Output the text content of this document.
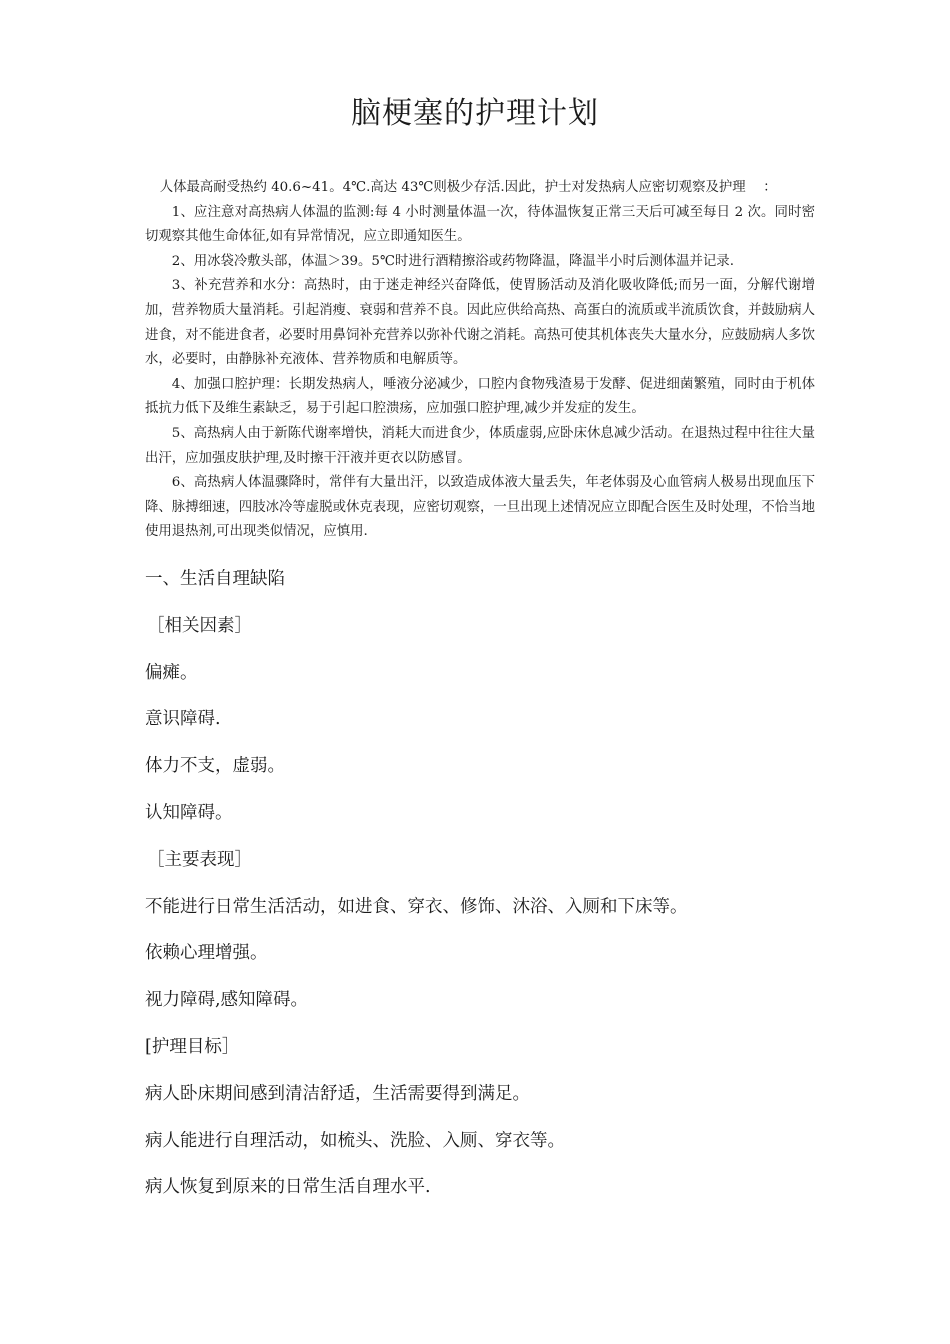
脑梗塞的护理计划

人体最高耐受热约 40.6~41。4℃.高达 43℃则极少存活.因此，护士对发热病人应密切观察及护理　 ：

1、应注意对高热病人体温的监测:每 4 小时测量体温一次，待体温恢复正常三天后可减至每日 2 次。同时密切观察其他生命体征,如有异常情况，应立即通知医生。

2、用冰袋冷敷头部，体温＞39。5℃时进行酒精擦浴或药物降温，降温半小时后测体温并记录.

3、补充营养和水分：高热时，由于迷走神经兴奋降低，使胃肠活动及消化吸收降低;而另一面，分解代谢增加，营养物质大量消耗。引起消瘦、衰弱和营养不良。因此应供给高热、高蛋白的流质或半流质饮食，并鼓励病人进食，对不能进食者，必要时用鼻饲补充营养以弥补代谢之消耗。高热可使其机体丧失大量水分，应鼓励病人多饮水，必要时，由静脉补充液体、营养物质和电解质等。

4、加强口腔护理：长期发热病人，唾液分泌减少，口腔内食物残渣易于发酵、促进细菌繁殖，同时由于机体抵抗力低下及维生素缺乏，易于引起口腔溃疡，应加强口腔护理,减少并发症的发生。

5、高热病人由于新陈代谢率增快，消耗大而进食少，体质虚弱,应卧床休息减少活动。在退热过程中往往大量出汗，应加强皮肤护理,及时擦干汗液并更衣以防感冒。

6、高热病人体温骤降时，常伴有大量出汗，以致造成体液大量丢失，年老体弱及心血管病人极易出现血压下降、脉搏细速，四肢冰冷等虚脱或休克表现，应密切观察，一旦出现上述情况应立即配合医生及时处理，不恰当地使用退热剂,可出现类似情况，应慎用.

一、生活自理缺陷

［相关因素］

偏瘫。

意识障碍.

体力不支，虚弱。

认知障碍。

［主要表现］

不能进行日常生活活动，如进食、穿衣、修饰、沐浴、入厕和下床等。

依赖心理增强。

视力障碍,感知障碍。

[护理目标］

病人卧床期间感到清洁舒适，生活需要得到满足。

病人能进行自理活动，如梳头、洗脸、入厕、穿衣等。

病人恢复到原来的日常生活自理水平.
